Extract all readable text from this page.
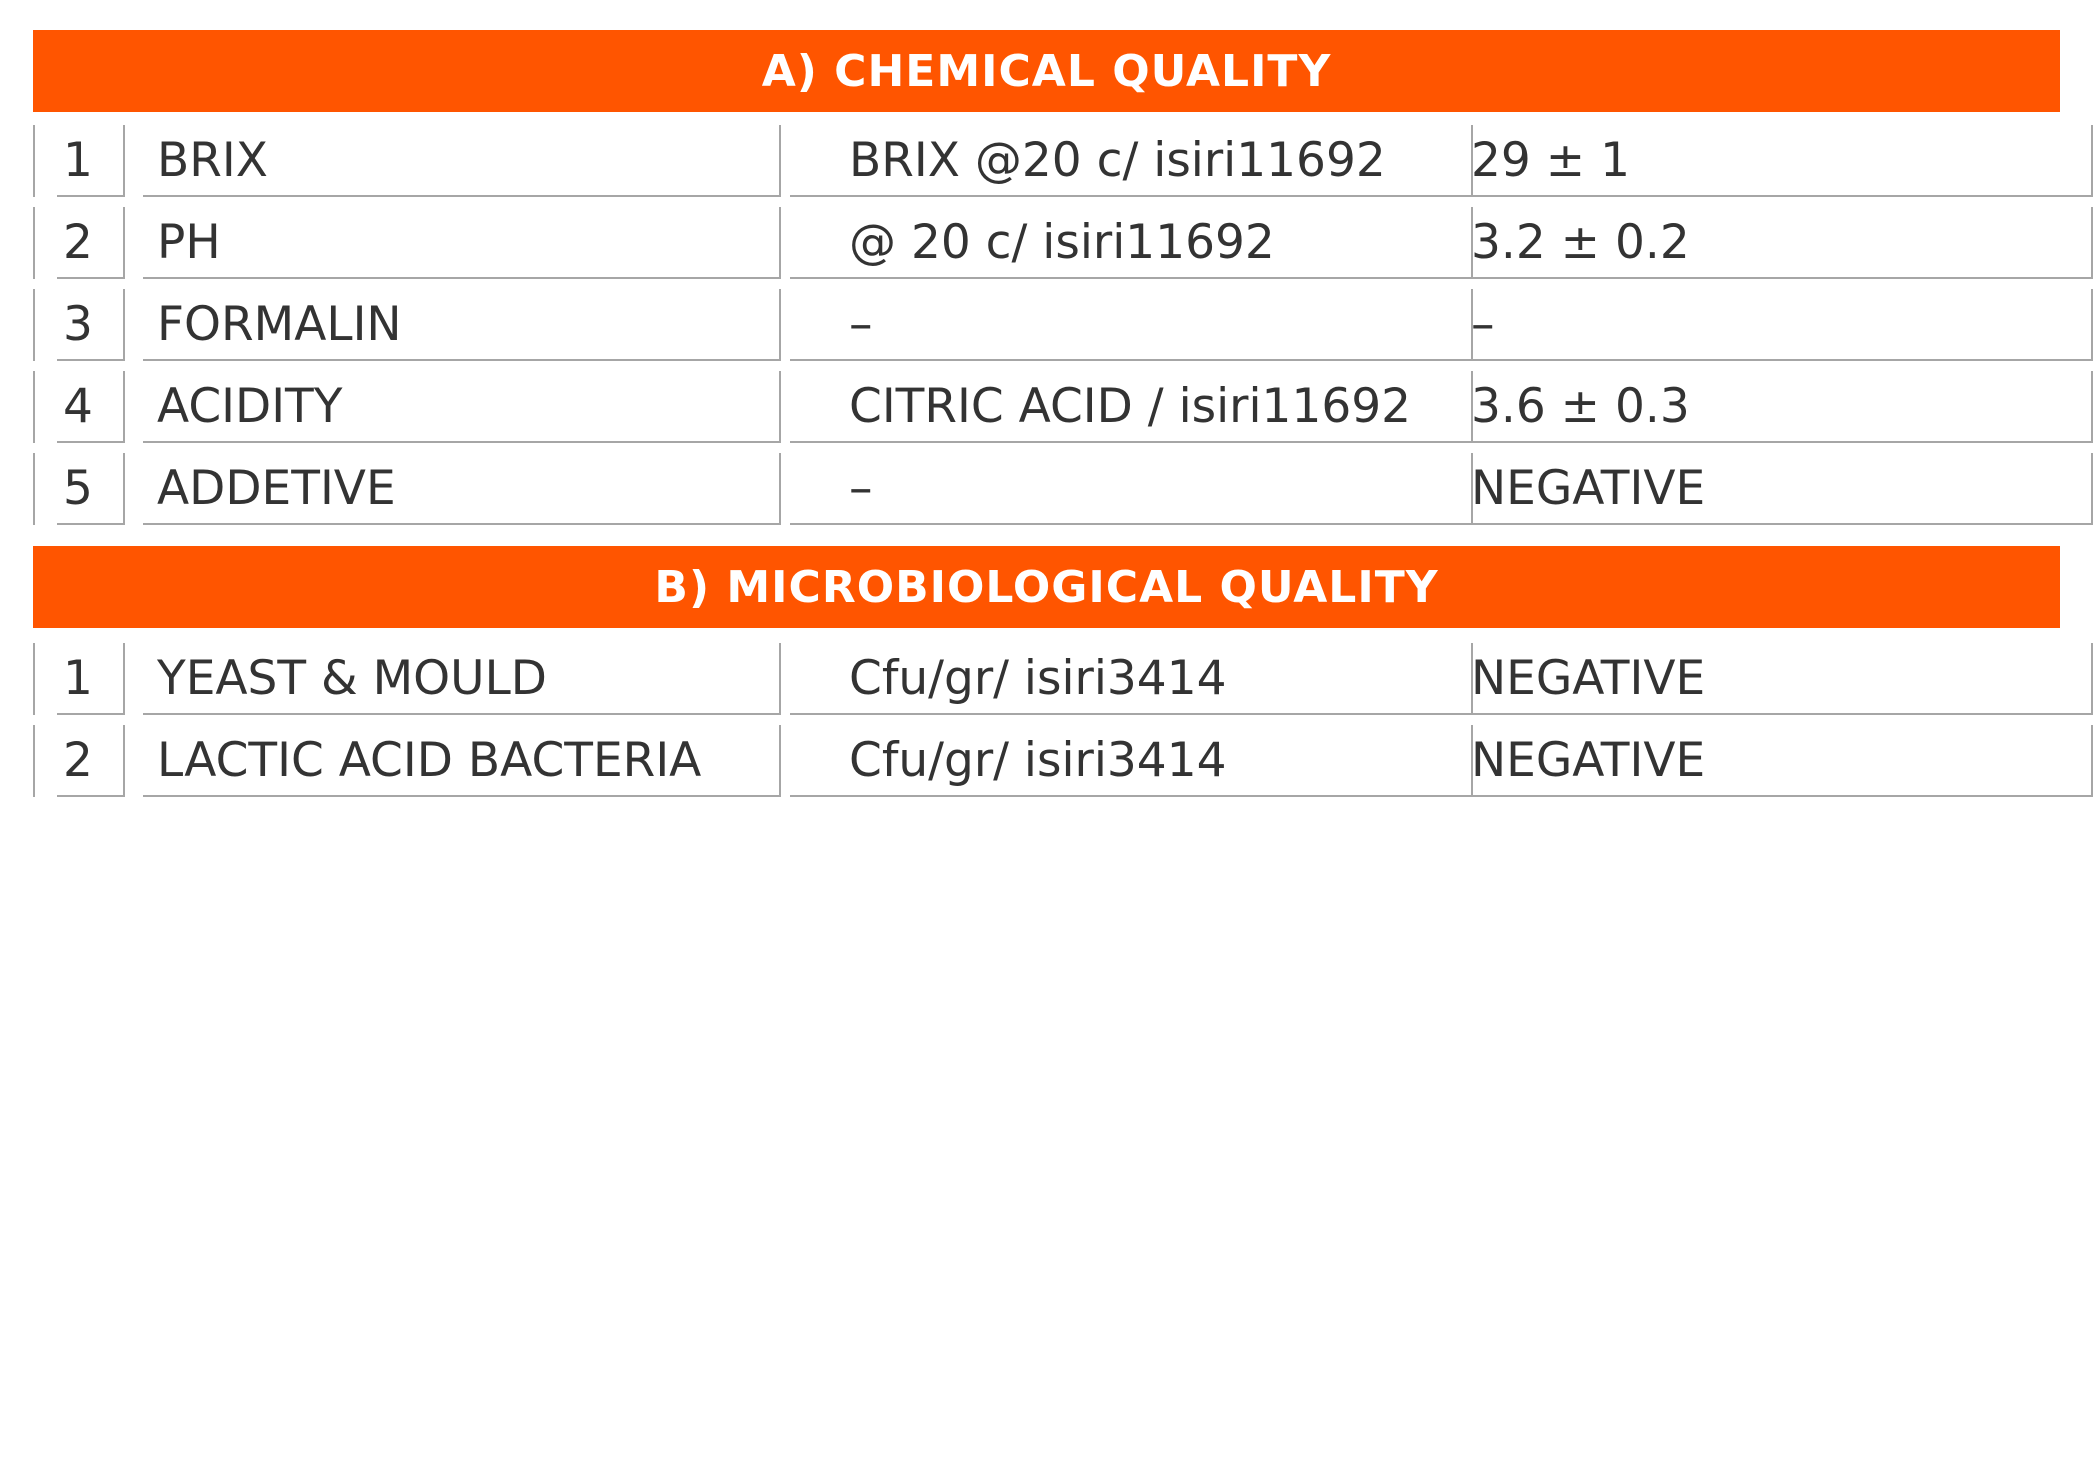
A) CHEMICAL QUALITY
1	BRIX	BRIX @20 c/ isiri11692	29 ± 1
2	PH	@ 20 c/ isiri11692	3.2 ± 0.2
3	FORMALIN	–	–
4	ACIDITY	CITRIC ACID / isiri11692	3.6 ± 0.3
5	ADDETIVE	–	NEGATIVE
B) MICROBIOLOGICAL QUALITY
1	YEAST & MOULD	Cfu/gr/ isiri3414	NEGATIVE
2	LACTIC ACID BACTERIA	Cfu/gr/ isiri3414	NEGATIVE
